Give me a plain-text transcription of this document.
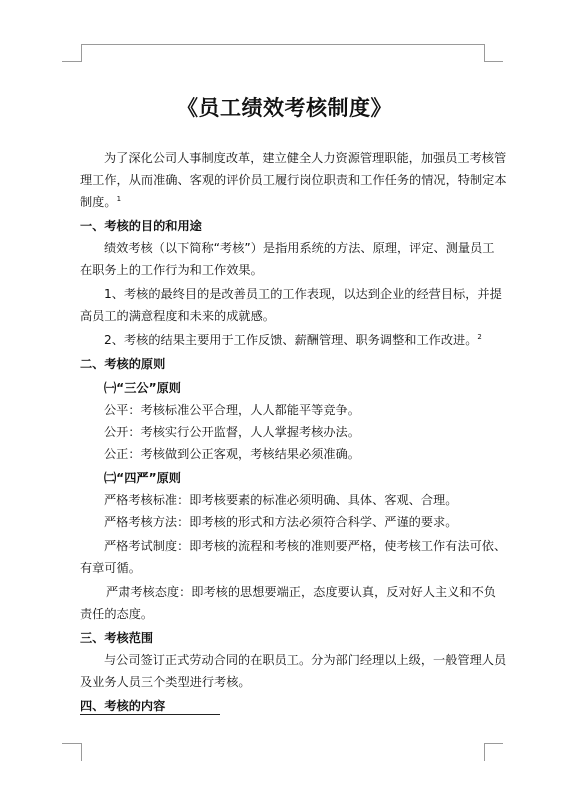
《员工绩效考核制度》
为了深化公司人事制度改革，建立健全人力资源管理职能，加强员工考核管
理工作，从而准确、客观的评价员工履行岗位职责和工作任务的情况，特制定本
制度。$^1$
一、考核的目的和用途
绩效考核（以下简称“考核”）是指用系统的方法、原理，评定、测量员工
在职务上的工作行为和工作效果。
1、考核的最终目的是改善员工的工作表现，以达到企业的经营目标，并提
高员工的满意程度和未来的成就感。
2、考核的结果主要用于工作反馈、薪酬管理、职务调整和工作改进。$^2$
二、考核的原则
㈠“三公”原则
公平：考核标准公平合理，人人都能平等竞争。
公开：考核实行公开监督，人人掌握考核办法。
公正：考核做到公正客观，考核结果必须准确。
㈡“四严”原则
严格考核标准：即考核要素的标准必须明确、具体、客观、合理。
严格考核方法：即考核的形式和方法必须符合科学、严谨的要求。
严格考试制度：即考核的流程和考核的准则要严格，使考核工作有法可依、
有章可循。
严肃考核态度：即考核的思想要端正，态度要认真，反对好人主义和不负
责任的态度。
三、考核范围
与公司签订正式劳动合同的在职员工。分为部门经理以上级，一般管理人员
及业务人员三个类型进行考核。
四、考核的内容
